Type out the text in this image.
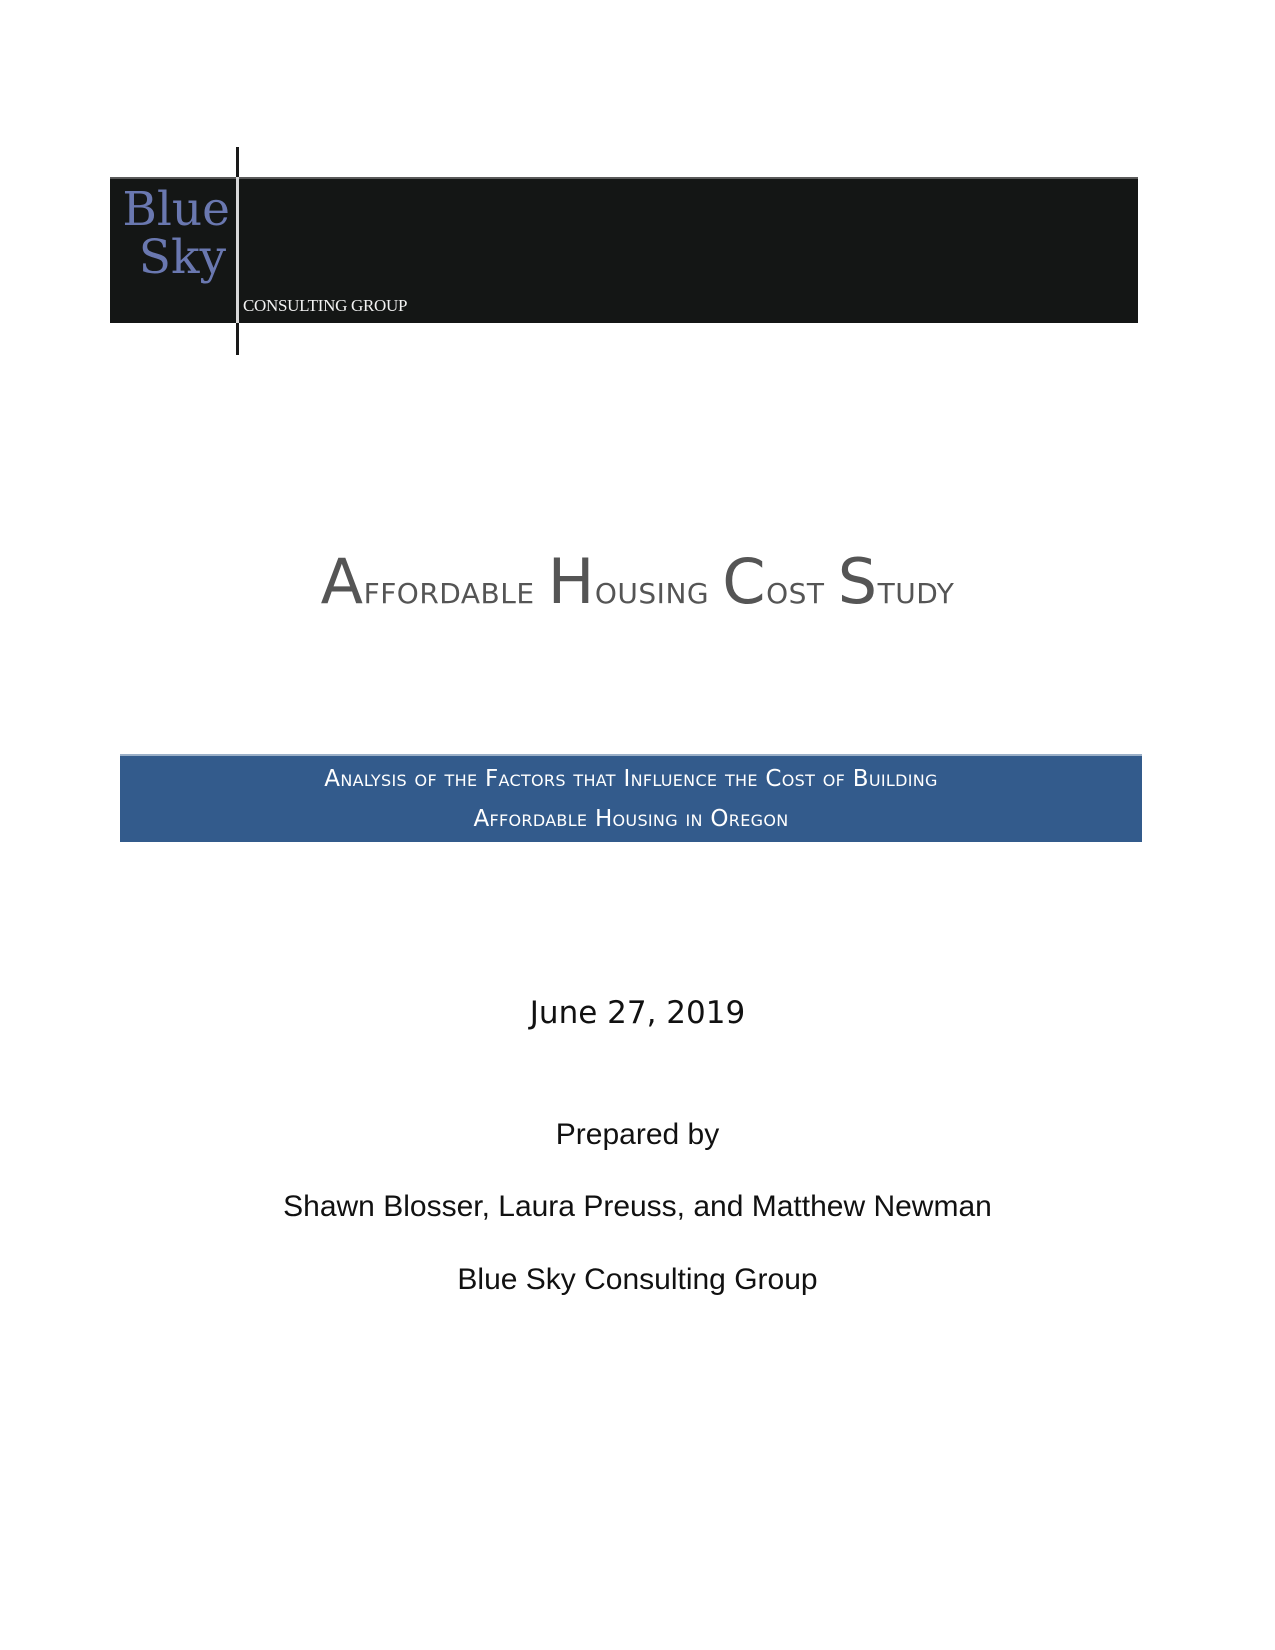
Blue
Sky
CONSULTING GROUP
Affordable Housing Cost Study
Analysis of the Factors that Influence the Cost of Building
Affordable Housing in Oregon
June 27, 2019
Prepared by
Shawn Blosser, Laura Preuss, and Matthew Newman
Blue Sky Consulting Group
